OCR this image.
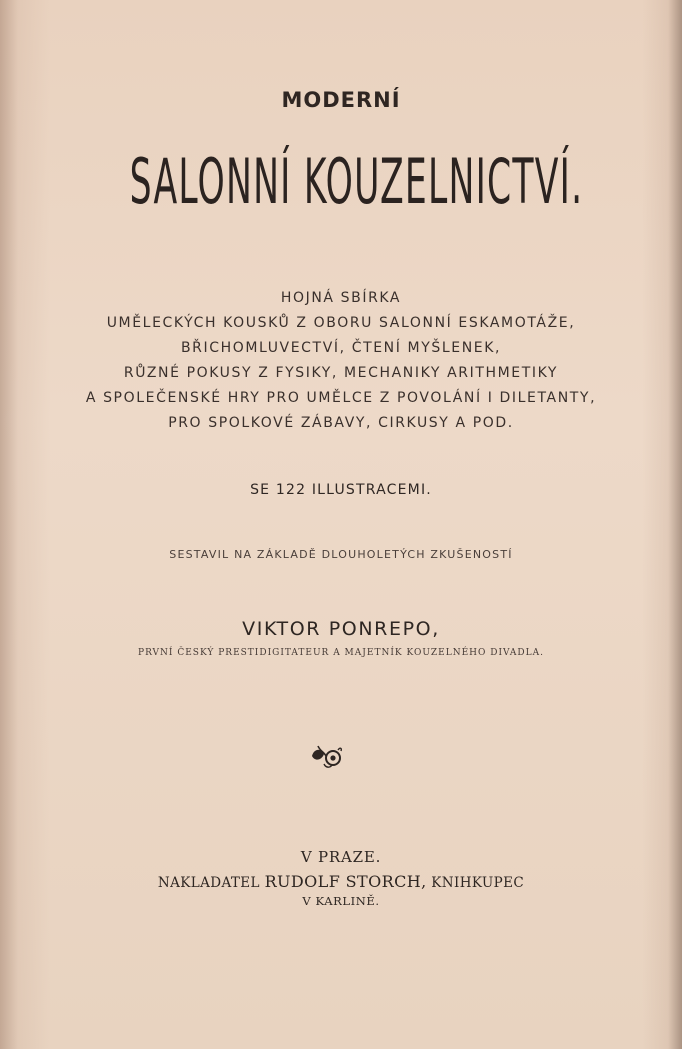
MODERNÍ

SALONNÍ KOUZELNICTVÍ.

HOJNÁ SBÍRKA

UMĚLECKÝCH KOUSKŮ Z OBORU SALONNÍ ESKAMOTÁŽE,

BŘICHOMLUVECTVÍ, ČTENÍ MYŠLENEK,

RŮZNÉ POKUSY Z FYSIKY, MECHANIKY ARITHMETIKY

A SPOLEČENSKÉ HRY PRO UMĚLCE Z POVOLÁNÍ I DILETANTY,

PRO SPOLKOVÉ ZÁBAVY, CIRKUSY A POD.

SE 122 ILLUSTRACEMI.

SESTAVIL NA ZÁKLADĚ DLOUHOLETÝCH ZKUŠENOSTÍ

VIKTOR PONREPO,

PRVNÍ ČESKÝ PRESTIDIGITATEUR A MAJETNÍK KOUZELNÉHO DIVADLA.

V PRAZE.

NAKLADATEL RUDOLF STORCH, KNIHKUPEC

V KARLINĚ.
